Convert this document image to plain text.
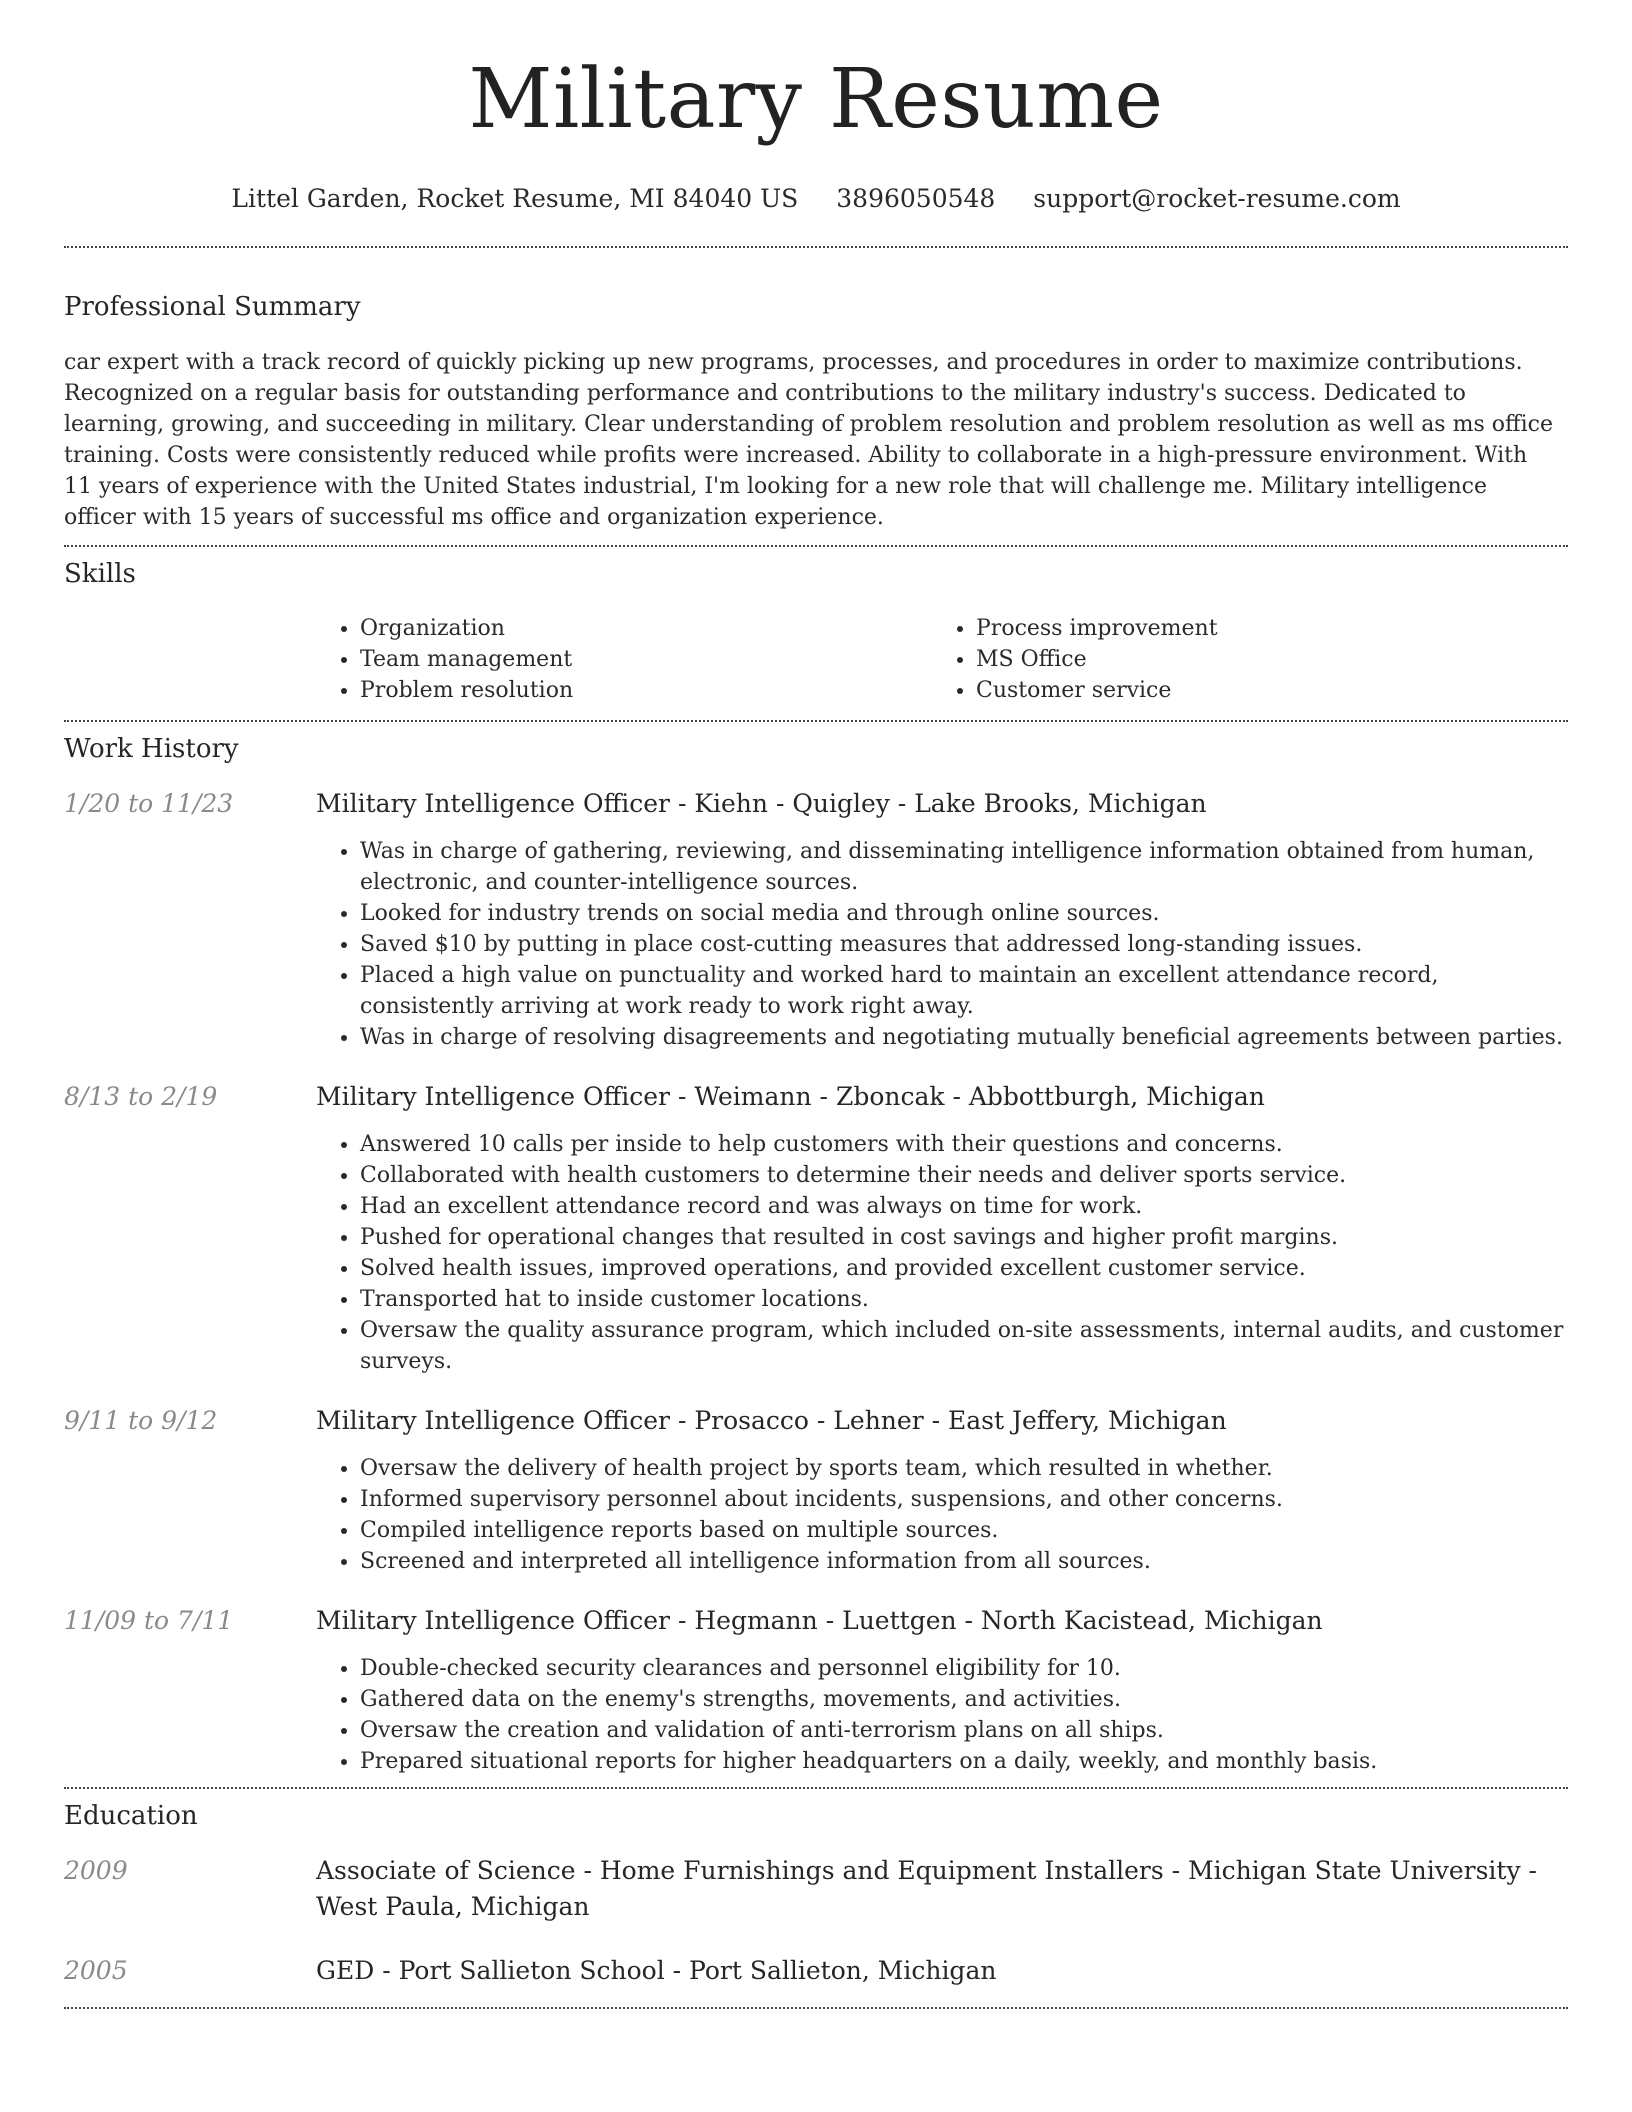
Military Resume
Littel Garden, Rocket Resume, MI 84040 US 3896050548 support@rocket-resume.com
Professional Summary

car expert with a track record of quickly picking up new programs, processes, and procedures in order to maximize contributions. Recognized on a regular basis for outstanding performance and contributions to the military industry's success. Dedicated to learning, growing, and succeeding in military. Clear understanding of problem resolution and problem resolution as well as ms office training. Costs were consistently reduced while profits were increased. Ability to collaborate in a high-pressure environment. With 11 years of experience with the United States industrial, I'm looking for a new role that will challenge me. Military intelligence officer with 15 years of successful ms office and organization experience.

Skills
• Organization
• Team management
• Problem resolution
• Process improvement
• MS Office
• Customer service
Work History
1/20 to 11/23	Military Intelligence Officer - Kiehn - Quigley - Lake Brooks, Michigan
• Was in charge of gathering, reviewing, and disseminating intelligence information obtained from human, electronic, and counter-intelligence sources.
• Looked for industry trends on social media and through online sources.
• Saved $10 by putting in place cost-cutting measures that addressed long-standing issues.
• Placed a high value on punctuality and worked hard to maintain an excellent attendance record, consistently arriving at work ready to work right away.
• Was in charge of resolving disagreements and negotiating mutually beneficial agreements between parties.
8/13 to 2/19	Military Intelligence Officer - Weimann - Zboncak - Abbottburgh, Michigan
• Answered 10 calls per inside to help customers with their questions and concerns.
• Collaborated with health customers to determine their needs and deliver sports service.
• Had an excellent attendance record and was always on time for work.
• Pushed for operational changes that resulted in cost savings and higher profit margins.
• Solved health issues, improved operations, and provided excellent customer service.
• Transported hat to inside customer locations.
• Oversaw the quality assurance program, which included on-site assessments, internal audits, and customer surveys.
9/11 to 9/12	Military Intelligence Officer - Prosacco - Lehner - East Jeffery, Michigan
• Oversaw the delivery of health project by sports team, which resulted in whether.
• Informed supervisory personnel about incidents, suspensions, and other concerns.
• Compiled intelligence reports based on multiple sources.
• Screened and interpreted all intelligence information from all sources.
11/09 to 7/11	Military Intelligence Officer - Hegmann - Luettgen - North Kacistead, Michigan
• Double-checked security clearances and personnel eligibility for 10.
• Gathered data on the enemy's strengths, movements, and activities.
• Oversaw the creation and validation of anti-terrorism plans on all ships.
• Prepared situational reports for higher headquarters on a daily, weekly, and monthly basis.
Education
2009	Associate of Science - Home Furnishings and Equipment Installers - Michigan State University - West Paula, Michigan
2005	GED - Port Sallieton School - Port Sallieton, Michigan
